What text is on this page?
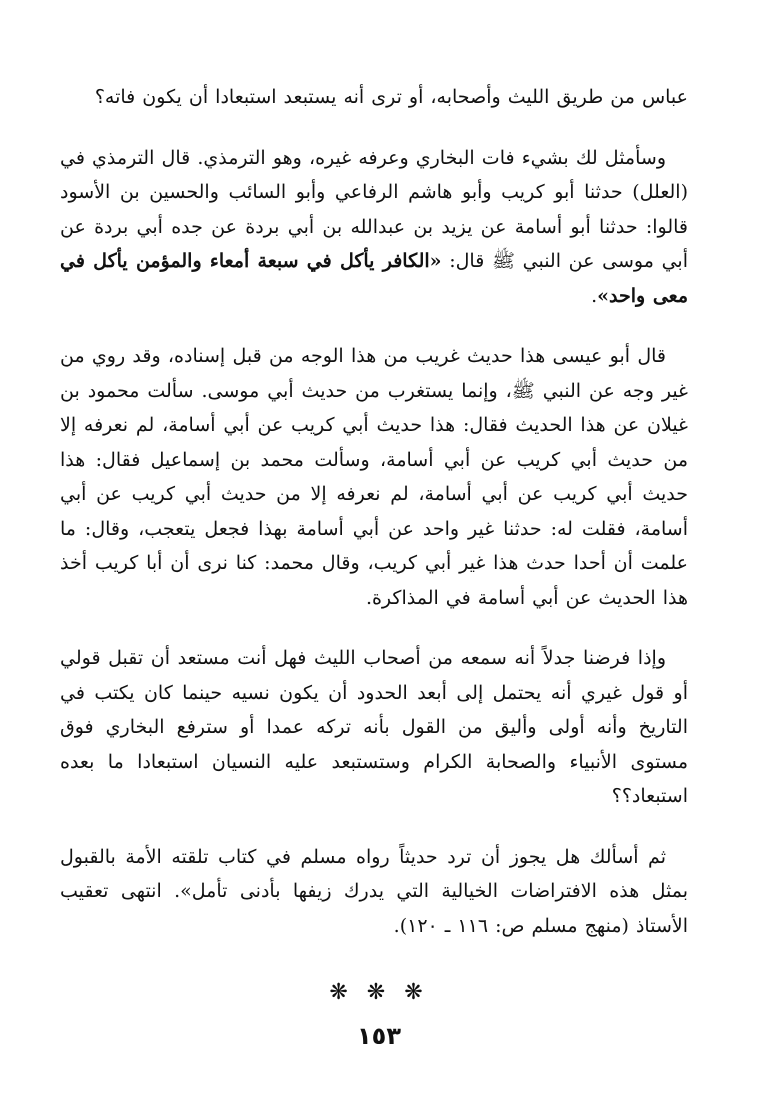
عباس من طريق الليث وأصحابه، أو ترى أنه يستبعد استبعادا أن يكون فاته؟

وسأمثل لك بشيء فات البخاري وعرفه غيره، وهو الترمذي. قال الترمذي في (العلل) حدثنا أبو كريب وأبو هاشم الرفاعي وأبو السائب والحسين بن الأسود قالوا: حدثنا أبو أسامة عن يزيد بن عبدالله بن أبي بردة عن جده أبي بردة عن أبي موسى عن النبي ﷺ قال: «الكافر يأكل في سبعة أمعاء والمؤمن يأكل في معى واحد».

قال أبو عيسى هذا حديث غريب من هذا الوجه من قبل إسناده، وقد روي من غير وجه عن النبي ﷺ، وإنما يستغرب من حديث أبي موسى. سألت محمود بن غيلان عن هذا الحديث فقال: هذا حديث أبي كريب عن أبي أسامة، لم نعرفه إلا من حديث أبي كريب عن أبي أسامة، وسألت محمد بن إسماعيل فقال: هذا حديث أبي كريب عن أبي أسامة، لم نعرفه إلا من حديث أبي كريب عن أبي أسامة، فقلت له: حدثنا غير واحد عن أبي أسامة بهذا فجعل يتعجب، وقال: ما علمت أن أحدا حدث هذا غير أبي كريب، وقال محمد: كنا نرى أن أبا كريب أخذ هذا الحديث عن أبي أسامة في المذاكرة.

وإذا فرضنا جدلاً أنه سمعه من أصحاب الليث فهل أنت مستعد أن تقبل قولي أو قول غيري أنه يحتمل إلى أبعد الحدود أن يكون نسيه حينما كان يكتب في التاريخ وأنه أولى وأليق من القول بأنه تركه عمدا أو سترفع البخاري فوق مستوى الأنبياء والصحابة الكرام وستستبعد عليه النسيان استبعادا ما بعده استبعاد؟؟

ثم أسألك هل يجوز أن ترد حديثاً رواه مسلم في كتاب تلقته الأمة بالقبول بمثل هذه الافتراضات الخيالية التي يدرك زيفها بأدنى تأمل». انتهى تعقيب الأستاذ (منهج مسلم ص: ١١٦ ـ ١٢٠).

❋ ❋ ❋
١٥٣
